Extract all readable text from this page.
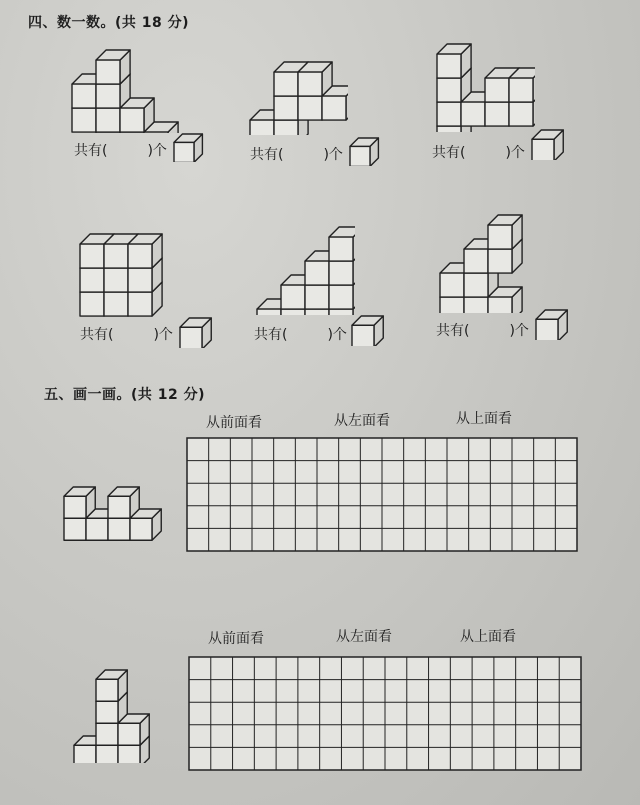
四、数一数。(共 18 分)
共有(	)个	共有(	)个	共有(	)个
共有(	)个	共有(	)个	共有(	)个
五、画一画。(共 12 分)
从前面看	从左面看	从上面看
从前面看	从左面看	从上面看
